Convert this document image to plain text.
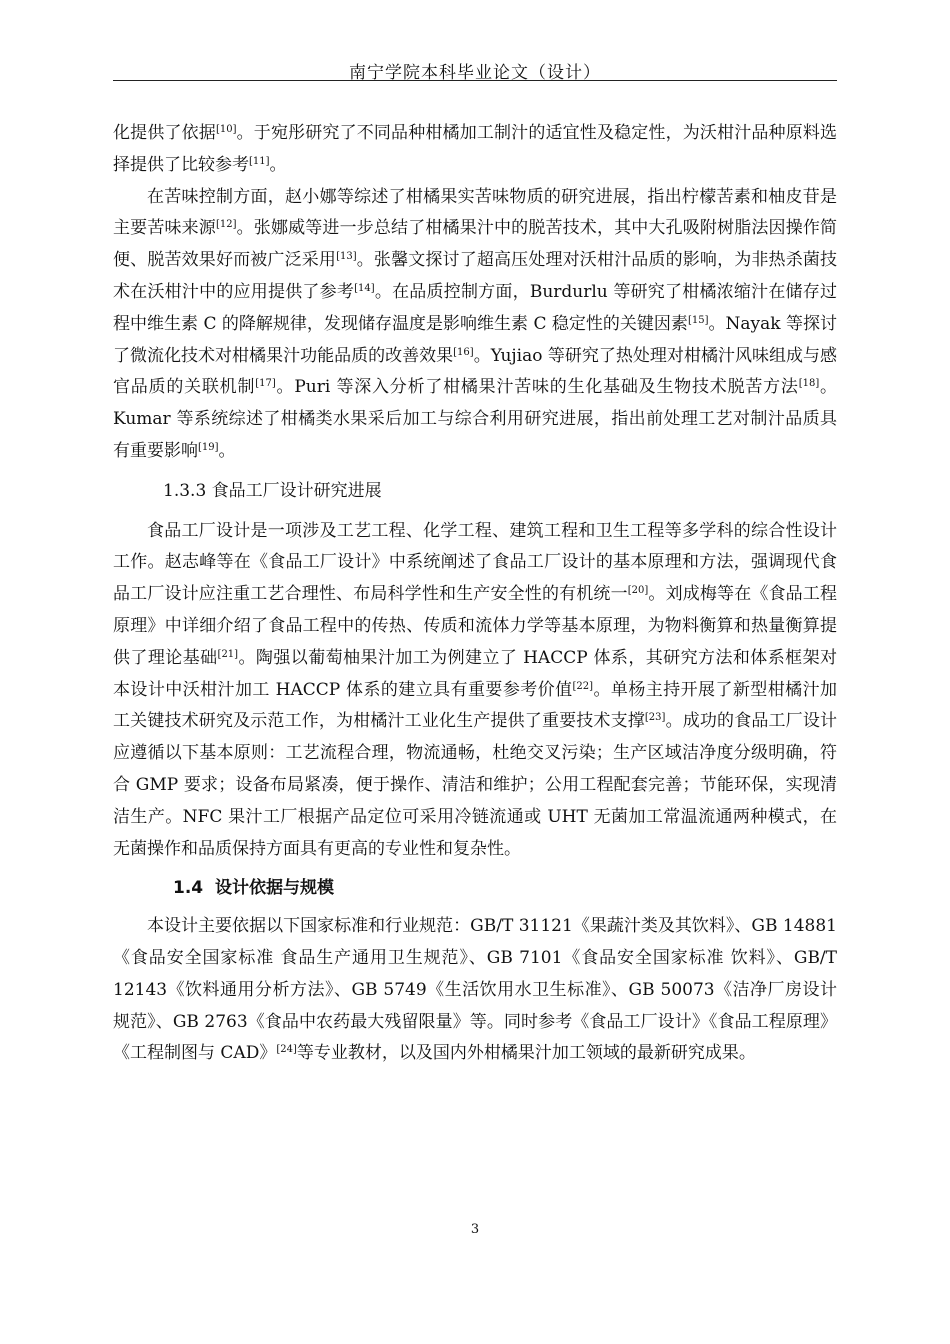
南宁学院本科毕业论文（设计）

化提供了依据[10]。于宛彤研究了不同品种柑橘加工制汁的适宜性及稳定性，为沃柑汁品种原料选择提供了比较参考[11]。

在苦味控制方面，赵小娜等综述了柑橘果实苦味物质的研究进展，指出柠檬苦素和柚皮苷是主要苦味来源[12]。张娜威等进一步总结了柑橘果汁中的脱苦技术，其中大孔吸附树脂法因操作简便、脱苦效果好而被广泛采用[13]。张馨文探讨了超高压处理对沃柑汁品质的影响，为非热杀菌技术在沃柑汁中的应用提供了参考[14]。在品质控制方面，Burdurlu 等研究了柑橘浓缩汁在储存过程中维生素 C 的降解规律，发现储存温度是影响维生素 C 稳定性的关键因素[15]。Nayak 等探讨了微流化技术对柑橘果汁功能品质的改善效果[16]。Yujiao 等研究了热处理对柑橘汁风味组成与感官品质的关联机制[17]。Puri 等深入分析了柑橘果汁苦味的生化基础及生物技术脱苦方法[18]。Kumar 等系统综述了柑橘类水果采后加工与综合利用研究进展，指出前处理工艺对制汁品质具有重要影响[19]。

1.3.3 食品工厂设计研究进展

食品工厂设计是一项涉及工艺工程、化学工程、建筑工程和卫生工程等多学科的综合性设计工作。赵志峰等在《食品工厂设计》中系统阐述了食品工厂设计的基本原理和方法，强调现代食品工厂设计应注重工艺合理性、布局科学性和生产安全性的有机统一[20]。刘成梅等在《食品工程原理》中详细介绍了食品工程中的传热、传质和流体力学等基本原理，为物料衡算和热量衡算提供了理论基础[21]。陶强以葡萄柚果汁加工为例建立了 HACCP 体系，其研究方法和体系框架对本设计中沃柑汁加工 HACCP 体系的建立具有重要参考价值[22]。单杨主持开展了新型柑橘汁加工关键技术研究及示范工作，为柑橘汁工业化生产提供了重要技术支撑[23]。成功的食品工厂设计应遵循以下基本原则：工艺流程合理，物流通畅，杜绝交叉污染；生产区域洁净度分级明确，符合 GMP 要求；设备布局紧凑，便于操作、清洁和维护；公用工程配套完善；节能环保，实现清洁生产。NFC 果汁工厂根据产品定位可采用冷链流通或 UHT 无菌加工常温流通两种模式，在无菌操作和品质保持方面具有更高的专业性和复杂性。

1.4 设计依据与规模

本设计主要依据以下国家标准和行业规范：GB/T 31121《果蔬汁类及其饮料》、GB 14881《食品安全国家标准 食品生产通用卫生规范》、GB 7101《食品安全国家标准 饮料》、GB/T 12143《饮料通用分析方法》、GB 5749《生活饮用水卫生标准》、GB 50073《洁净厂房设计规范》、GB 2763《食品中农药最大残留限量》等。同时参考《食品工厂设计》《食品工程原理》《工程制图与 CAD》[24]等专业教材，以及国内外柑橘果汁加工领域的最新研究成果。

3
